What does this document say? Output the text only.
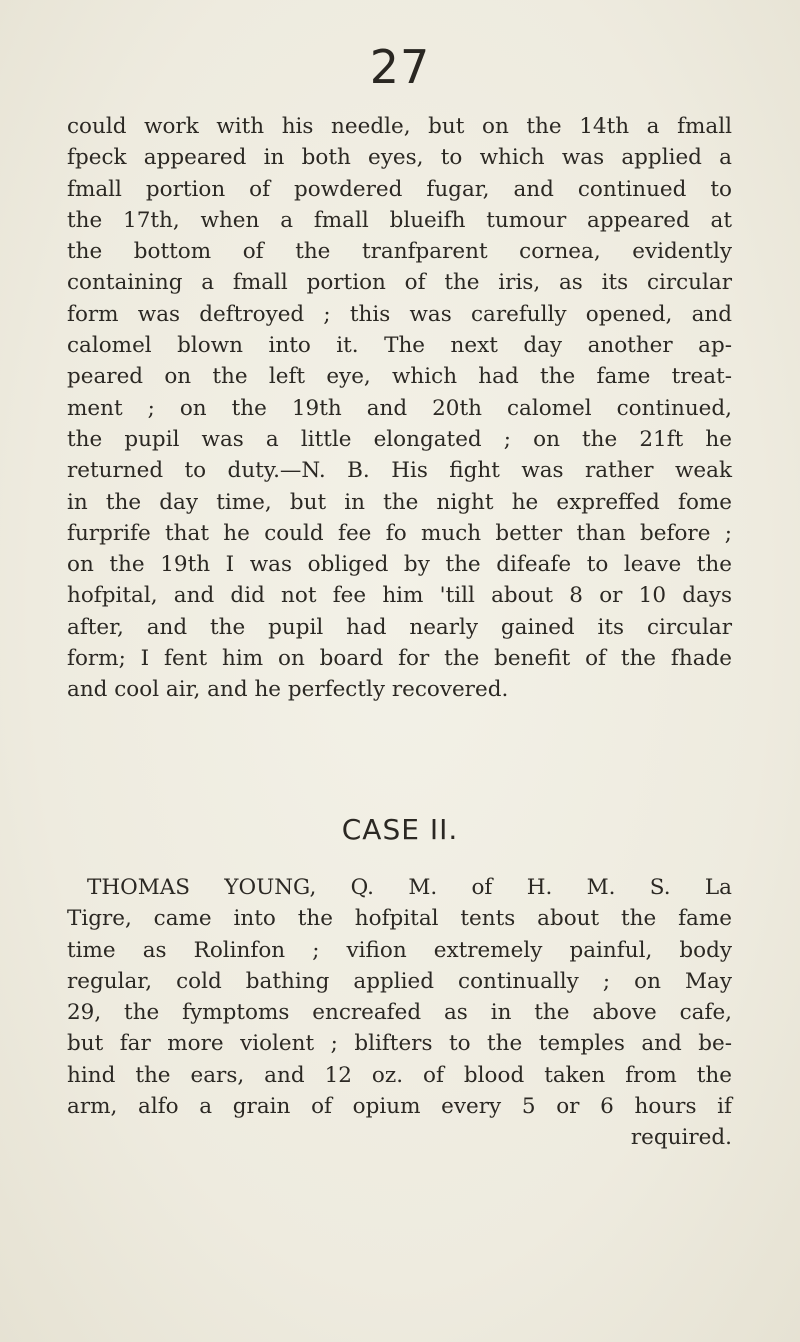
27
could work with his needle, but on the 14th a fmall
fpeck appeared in both eyes, to which was applied a
fmall portion of powdered fugar, and continued to
the 17th, when a fmall blueifh tumour appeared at
the bottom of the tranfparent cornea, evidently
containing a fmall portion of the iris, as its circular
form was deftroyed ; this was carefully opened, and
calomel blown into it. The next day another ap-
peared on the left eye, which had the fame treat-
ment ; on the 19th and 20th calomel continued,
the pupil was a little elongated ; on the 21ft he
returned to duty.—N. B. His fight was rather weak
in the day time, but in the night he expreffed fome
furprife that he could fee fo much better than before ;
on the 19th I was obliged by the difeafe to leave the
hofpital, and did not fee him 'till about 8 or 10 days
after, and the pupil had nearly gained its circular
form; I fent him on board for the benefit of the fhade
and cool air, and he perfectly recovered.
CASE II.
THOMAS YOUNG, Q. M. of H. M. S. La
Tigre, came into the hofpital tents about the fame
time as Rolinfon ; vifion extremely painful, body
regular, cold bathing applied continually ; on May
29, the fymptoms encreafed as in the above cafe,
but far more violent ; blifters to the temples and be-
hind the ears, and 12 oz. of blood taken from the
arm, alfo a grain of opium every 5 or 6 hours if
required.
